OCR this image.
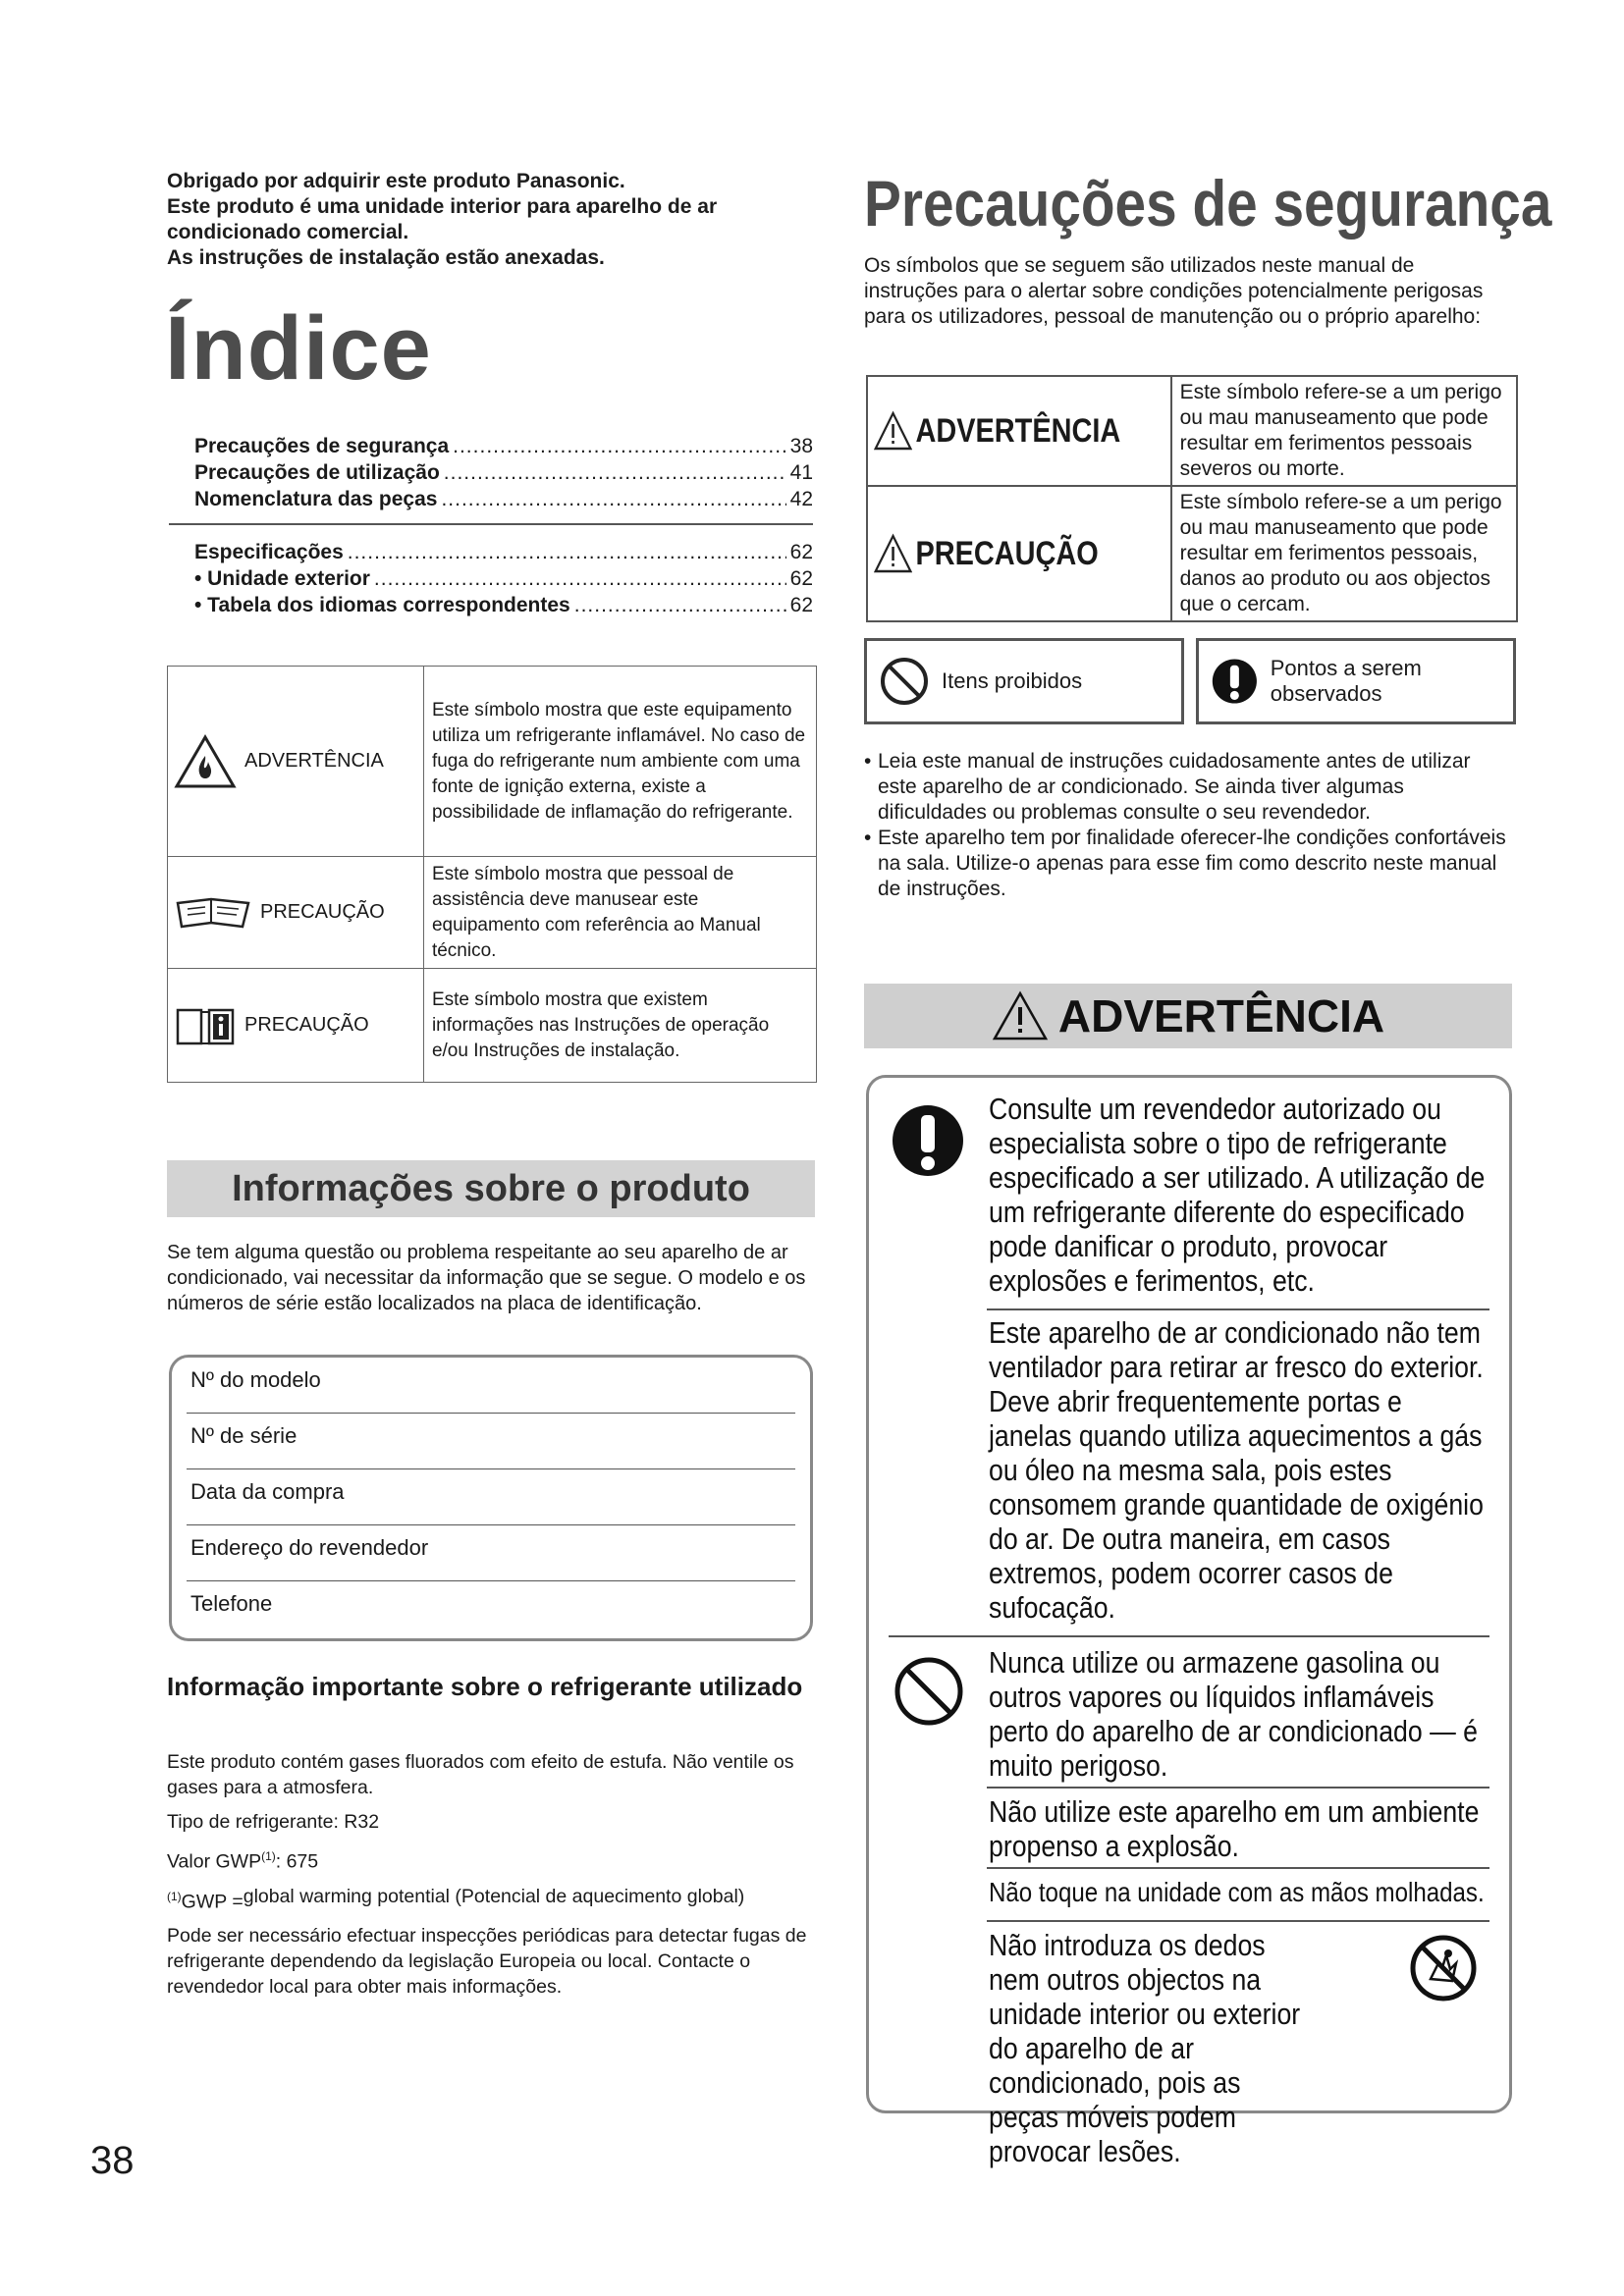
Obrigado por adquirir este produto Panasonic.
Este produto é uma unidade interior para aparelho de ar
condicionado comercial.
As instruções de instalação estão anexadas.
Índice
Precauções de segurança .....	38
Precauções de utilização .....	41
Nomenclatura das peças .....	42
Especificações .....	62
• Unidade exterior .....	62
• Tabela dos idiomas correspondentes .....	62
ADVERTÊNCIA	Este símbolo mostra que este equipamento utiliza um refrigerante inflamável. No caso de fuga do refrigerante num ambiente com uma fonte de ignição externa, existe a possibilidade de inflamação do refrigerante.

PRECAUÇÃO	Este símbolo mostra que pessoal de assistência deve manusear este equipamento com referência ao Manual técnico.

PRECAUÇÃO	Este símbolo mostra que existem informações nas Instruções de operação e/ou Instruções de instalação.
Informações sobre o produto
Se tem alguma questão ou problema respeitante ao seu aparelho de ar condicionado, vai necessitar da informação que se segue. O modelo e os números de série estão localizados na placa de identificação.
Nº do modelo
Nº de série
Data da compra
Endereço do revendedor
Telefone
Informação importante sobre o refrigerante utilizado

Este produto contém gases fluorados com efeito de estufa. Não ventile os gases para a atmosfera.

Tipo de refrigerante: R32

Valor GWP$^{(1)}$: 675

$^{(1)}$GWP = global warming potential (Potencial de aquecimento global)

Pode ser necessário efectuar inspecções periódicas para detectar fugas de refrigerante dependendo da legislação Europeia ou local. Contacte o revendedor local para obter mais informações.

38
Precauções de segurança
Os símbolos que se seguem são utilizados neste manual de instruções para o alertar sobre condições potencialmente perigosas para os utilizadores, pessoal de manutenção ou o próprio aparelho:
ADVERTÊNCIA	Este símbolo refere-se a um perigo ou mau manuseamento que pode resultar em ferimentos pessoais severos ou morte.

PRECAUÇÃO	Este símbolo refere-se a um perigo ou mau manuseamento que pode resultar em ferimentos pessoais, danos ao produto ou aos objectos que o cercam.
Itens proibidos
Pontos a serem observados
• Leia este manual de instruções cuidadosamente antes de utilizar este aparelho de ar condicionado. Se ainda tiver algumas dificuldades ou problemas consulte o seu revendedor.
• Este aparelho tem por finalidade oferecer-lhe condições confortáveis na sala. Utilize-o apenas para esse fim como descrito neste manual de instruções.
ADVERTÊNCIA
Consulte um revendedor autorizado ou especialista sobre o tipo de refrigerante especificado a ser utilizado. A utilização de um refrigerante diferente do especificado pode danificar o produto, provocar explosões e ferimentos, etc.
Este aparelho de ar condicionado não tem ventilador para retirar ar fresco do exterior. Deve abrir frequentemente portas e janelas quando utiliza aquecimentos a gás ou óleo na mesma sala, pois estes consomem grande quantidade de oxigénio do ar. De outra maneira, em casos extremos, podem ocorrer casos de sufocação.
Nunca utilize ou armazene gasolina ou outros vapores ou líquidos inflamáveis perto do aparelho de ar condicionado — é muito perigoso.
Não utilize este aparelho em um ambiente propenso a explosão.
Não toque na unidade com as mãos molhadas.
Não introduza os dedos nem outros objectos na unidade interior ou exterior do aparelho de ar condicionado, pois as peças móveis podem provocar lesões.
